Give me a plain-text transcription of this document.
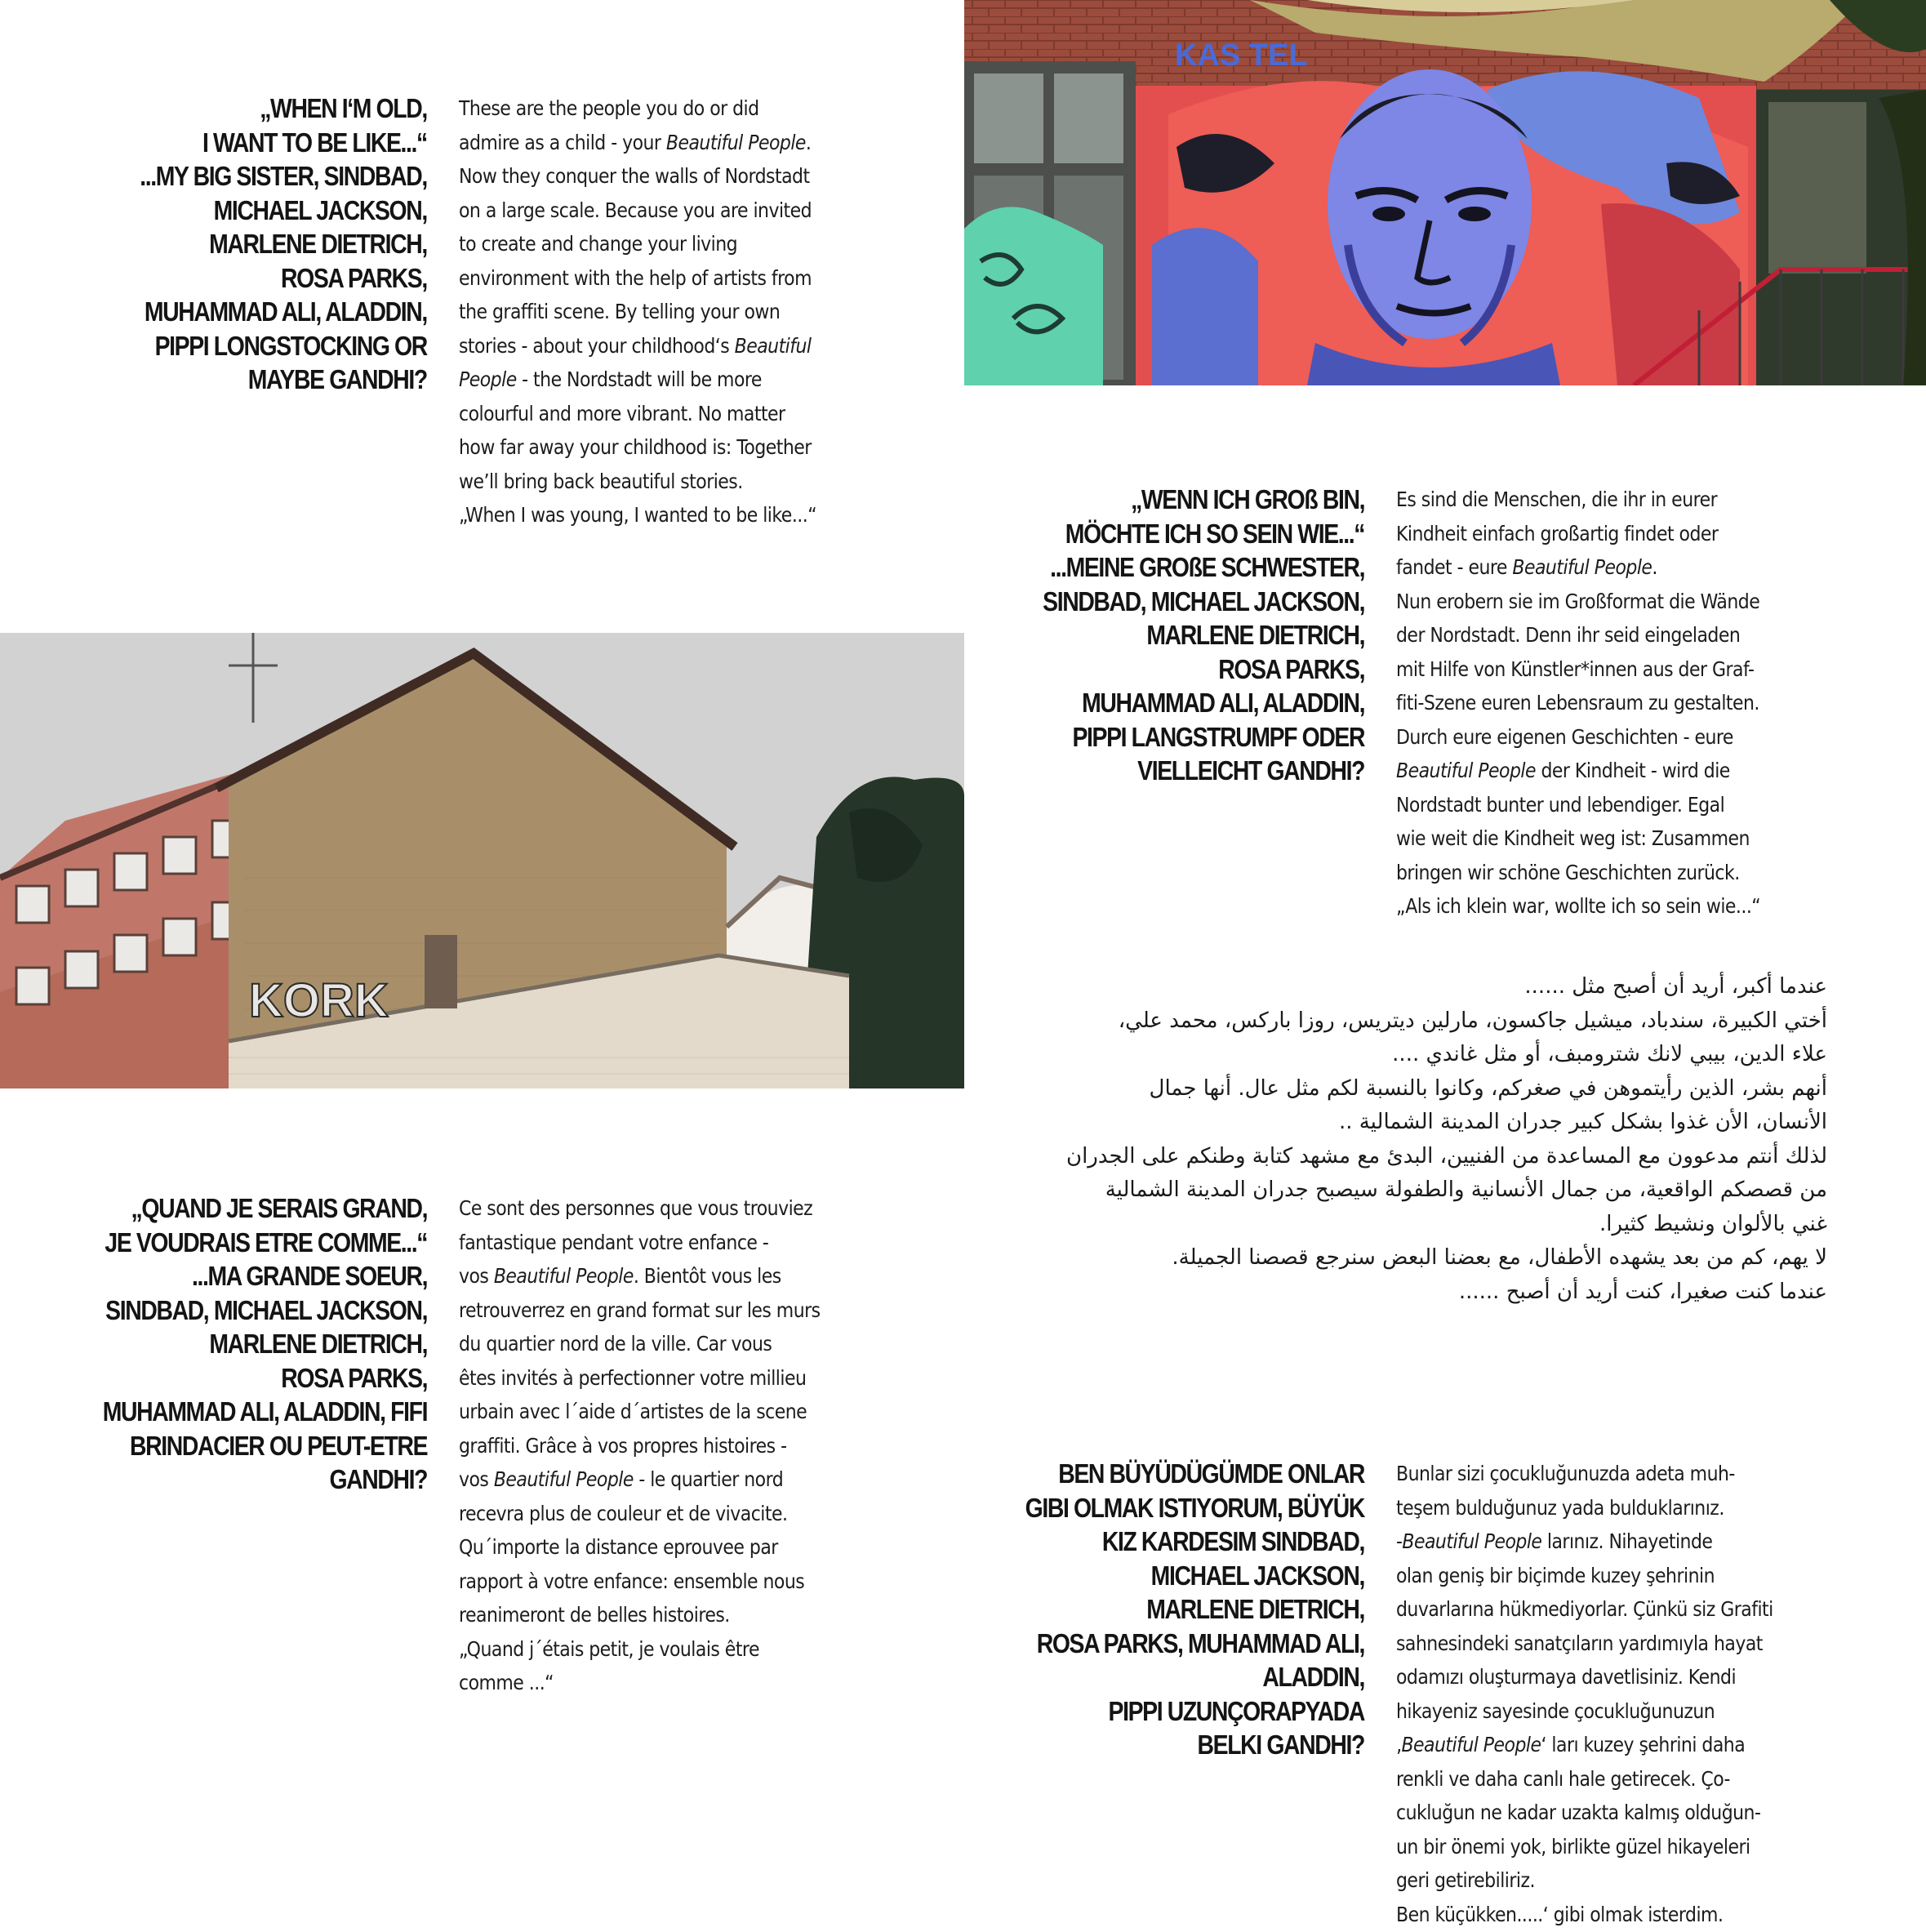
KAS TEL
KORK
„WHEN I‘M OLD,
I WANT TO BE LIKE...“
...MY BIG SISTER, SINDBAD,
MICHAEL JACKSON,
MARLENE DIETRICH,
ROSA PARKS,
MUHAMMAD ALI, ALADDIN,
PIPPI LONGSTOCKING OR
MAYBE GANDHI?
These are the people you do or did
admire as a child - your Beautiful People.
Now they conquer the walls of Nordstadt
on a large scale. Because you are invited
to create and change your living
environment with the help of artists from
the graffiti scene. By telling your own
stories - about your childhood‘s Beautiful
People - the Nordstadt will be more
colourful and more vibrant. No matter
how far away your childhood is: Together
we’ll bring back beautiful stories.
„When I was young, I wanted to be like...“
„WENN ICH GROß BIN,
MÖCHTE ICH SO SEIN WIE...“
...MEINE GROßE SCHWESTER,
SINDBAD, MICHAEL JACKSON,
MARLENE DIETRICH,
ROSA PARKS,
MUHAMMAD ALI, ALADDIN,
PIPPI LANGSTRUMPF ODER
VIELLEICHT GANDHI?
Es sind die Menschen, die ihr in eurer
Kindheit einfach großartig findet oder
fandet - eure Beautiful People.
Nun erobern sie im Großformat die Wände
der Nordstadt. Denn ihr seid eingeladen
mit Hilfe von Künstler*innen aus der Graf-
fiti-Szene euren Lebensraum zu gestalten.
Durch eure eigenen Geschichten - eure
Beautiful People der Kindheit - wird die
Nordstadt bunter und lebendiger. Egal
wie weit die Kindheit weg ist: Zusammen
bringen wir schöne Geschichten zurück.
„Als ich klein war, wollte ich so sein wie...“
عندما أكبر، أريد أن أصبح مثل ......
أختي الكبيرة، سندباد، ميشيل جاكسون، مارلين ديتريس، روزا باركس، محمد علي،
علاء الدين، بيبي لانك شترومبف، أو مثل غاندي ....
أنهم بشر، الذين رأيتموهن في صغركم، وكانوا بالنسبة لكم مثل عال. أنها جمال
الأنسان، الأن غذوا بشكل كبير جدران المدينة الشمالية ..
لذلك أنتم مدعوون مع المساعدة من الفنيين، البدئ مع مشهد كتابة وطنكم على الجدران
من قصصكم الواقعية، من جمال الأنسانية والطفولة سيصبح جدران المدينة الشمالية
غني بالألوان ونشيط كثيرا.
لا يهم، كم من بعد يشهده الأطفال، مع بعضنا البعض سنرجع قصصنا الجميلة.
عندما كنت صغيرا، كنت أريد أن أصبح ......
„QUAND JE SERAIS GRAND,
JE VOUDRAIS ETRE COMME...“
...MA GRANDE SOEUR,
SINDBAD, MICHAEL JACKSON,
MARLENE DIETRICH,
ROSA PARKS,
MUHAMMAD ALI, ALADDIN, FIFI
BRINDACIER OU PEUT-ETRE
GANDHI?
Ce sont des personnes que vous trouviez
fantastique pendant votre enfance -
vos Beautiful People. Bientôt vous les
retrouverrez en grand format sur les murs
du quartier nord de la ville. Car vous
êtes invités à perfectionner votre millieu
urbain avec l´aide d´artistes de la scene
graffiti. Grâce à vos propres histoires -
vos Beautiful People - le quartier nord
recevra plus de couleur et de vivacite.
Qu´importe la distance eprouvee par
rapport à votre enfance: ensemble nous
reanimeront de belles histoires.
„Quand j´étais petit, je voulais être
comme ...“
BEN BÜYÜDÜGÜMDE ONLAR
GIBI OLMAK ISTIYORUM, BÜYÜK
KIZ KARDESIM SINDBAD,
MICHAEL JACKSON,
MARLENE DIETRICH,
ROSA PARKS, MUHAMMAD ALI,
ALADDIN,
PIPPI UZUNÇORAPYADA
BELKI GANDHI?
Bunlar sizi çocukluğunuzda adeta muh-
teşem bulduğunuz yada bulduklarınız.
-Beautiful People larınız. Nihayetinde
olan geniş bir biçimde kuzey şehrinin
duvarlarına hükmediyorlar. Çünkü siz Grafiti
sahnesindeki sanatçıların yardımıyla hayat
odamızı oluşturmaya davetlisiniz. Kendi
hikayeniz sayesinde çocukluğunuzun
‚Beautiful People‘ ları kuzey şehrini daha
renkli ve daha canlı hale getirecek. Ço-
cukluğun ne kadar uzakta kalmış olduğun-
un bir önemi yok, birlikte güzel hikayeleri
geri getirebiliriz.
Ben küçükken.....‘ gibi olmak isterdim.
